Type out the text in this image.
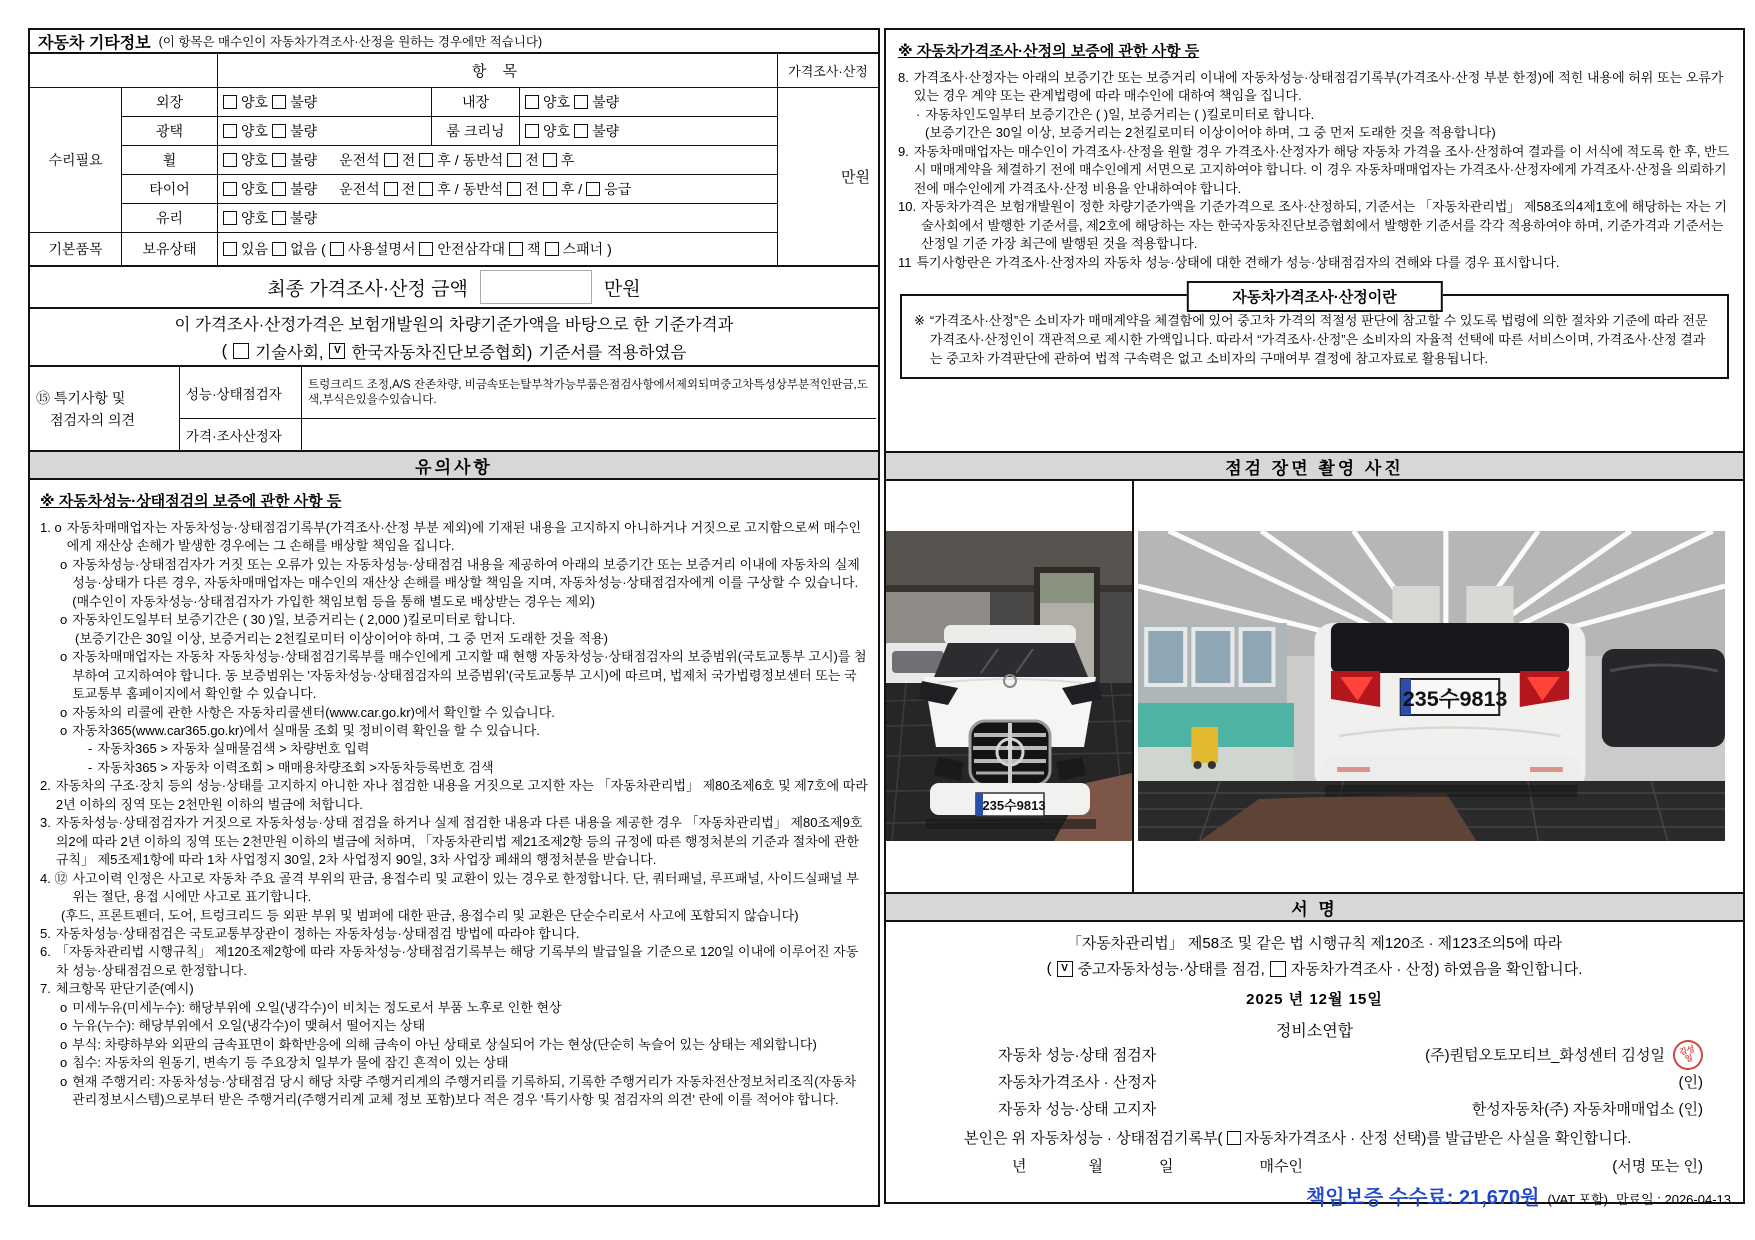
자동차 기타정보 (이 항목은 매수인이 자동차가격조사·산정을 원하는 경우에만 적습니다)
항 목	가격조사·산정
수리필요
외장	양호 불량	내장	양호 불량
광택	양호 불량	룸 크리닝	양호 불량
휠	양호 불량 운전석 전 후 / 동반석 전 후
타이어	양호 불량 운전석 전 후 / 동반석 전 후 / 응급
유리	양호 불량
기본품목	보유상태	있음 없음 ( 사용설명서 안전삼각대 잭 스패너 )
만원
최종 가격조사·산정 금액	만원
이 가격조사·산정가격은 보험개발원의 차량기준가액을 바탕으로 한 기준가격과
( 기술사회,	V 한국자동차진단보증협회) 기준서를 적용하였음
⑮ 특기사항 및
점검자의 의견
성능·상태점검자
트렁크리드 조정,A/S 잔존차량, 비금속또는탈부착가능부품은점검사항에서제외되며중고차특성상부분적인판금,도색,부식은있을수있습니다.
가격·조사산정자
유의사항
※ 자동차성능·상태점검의 보증에 관한 사항 등
1. o 자동차매매업자는 자동차성능·상태점검기록부(가격조사·산정 부분 제외)에 기재된 내용을 고지하지 아니하거나 거짓으로 고지함으로써 매수인에게 재산상 손해가 발생한 경우에는 그 손해를 배상할 책임을 집니다.
o 자동차성능·상태점검자가 거짓 또는 오류가 있는 자동차성능·상태점검 내용을 제공하여 아래의 보증기간 또는 보증거리 이내에 자동차의 실제 성능·상태가 다른 경우, 자동차매매업자는 매수인의 재산상 손해를 배상할 책임을 지며, 자동차성능·상태점검자에게 이를 구상할 수 있습니다.(매수인이 자동차성능·상태점검자가 가입한 책임보험 등을 통해 별도로 배상받는 경우는 제외)
o 자동차인도일부터 보증기간은 ( 30 )일, 보증거리는 ( 2,000 )킬로미터로 합니다.
(보증기간은 30일 이상, 보증거리는 2천킬로미터 이상이어야 하며, 그 중 먼저 도래한 것을 적용)
o 자동차매매업자는 자동차 자동차성능·상태점검기록부를 매수인에게 고지할 때 현행 자동차성능·상태점검자의 보증범위(국토교통부 고시)를 첨부하여 고지하여야 합니다. 동 보증범위는 '자동차성능·상태점검자의 보증범위'(국토교통부 고시)에 따르며, 법제처 국가법령정보센터 또는 국토교통부 홈페이지에서 확인할 수 있습니다.
o 자동차의 리콜에 관한 사항은 자동차리콜센터(www.car.go.kr)에서 확인할 수 있습니다.
o 자동차365(www.car365.go.kr)에서 실매물 조회 및 정비이력 확인을 할 수 있습니다.
- 자동차365 > 자동차 실매물검색 > 차량번호 입력
- 자동차365 > 자동차 이력조회 > 매매용차량조회 >자동차등록번호 검색
2. 자동차의 구조·장치 등의 성능·상태를 고지하지 아니한 자나 점검한 내용을 거짓으로 고지한 자는 「자동차관리법」 제80조제6호 및 제7호에 따라 2년 이하의 징역 또는 2천만원 이하의 벌금에 처합니다.
3. 자동차성능·상태점검자가 거짓으로 자동차성능·상태 점검을 하거나 실제 점검한 내용과 다른 내용을 제공한 경우 「자동차관리법」 제80조제9호의2에 따라 2년 이하의 징역 또는 2천만원 이하의 벌금에 처하며, 「자동차관리법 제21조제2항 등의 규정에 따른 행정처분의 기준과 절차에 관한 규칙」 제5조제1항에 따라 1차 사업정지 30일, 2차 사업정지 90일, 3차 사업장 폐쇄의 행정처분을 받습니다.
4. ⑫ 사고이력 인정은 사고로 자동차 주요 골격 부위의 판금, 용접수리 및 교환이 있는 경우로 한정합니다. 단, 쿼터패널, 루프패널, 사이드실패널 부위는 절단, 용접 시에만 사고로 표기합니다.
(후드, 프론트펜더, 도어, 트렁크리드 등 외판 부위 및 범퍼에 대한 판금, 용접수리 및 교환은 단순수리로서 사고에 포함되지 않습니다)
5. 자동차성능·상태점검은 국토교통부장관이 정하는 자동차성능·상태점검 방법에 따라야 합니다.
6. 「자동차관리법 시행규칙」 제120조제2항에 따라 자동차성능·상태점검기록부는 해당 기록부의 발급일을 기준으로 120일 이내에 이루어진 자동차 성능·상태점검으로 한정합니다.
7. 체크항목 판단기준(예시)
o 미세누유(미세누수): 해당부위에 오일(냉각수)이 비치는 정도로서 부품 노후로 인한 현상
o 누유(누수): 해당부위에서 오일(냉각수)이 맺혀서 떨어지는 상태
o 부식: 차량하부와 외판의 금속표면이 화학반응에 의해 금속이 아닌 상태로 상실되어 가는 현상(단순히 녹슬어 있는 상태는 제외합니다)
o 침수: 자동차의 원동기, 변속기 등 주요장치 일부가 물에 잠긴 흔적이 있는 상태
o 현재 주행거리: 자동차성능·상태점검 당시 해당 차량 주행거리계의 주행거리를 기록하되, 기록한 주행거리가 자동차전산정보처리조직(자동차관리정보시스템)으로부터 받은 주행거리(주행거리계 교체 정보 포함)보다 적은 경우 '특기사항 및 점검자의 의견' 란에 이를 적어야 합니다.
※ 자동차가격조사·산정의 보증에 관한 사항 등
8. 가격조사·산정자는 아래의 보증기간 또는 보증거리 이내에 자동차성능·상태점검기록부(가격조사·산정 부분 한정)에 적힌 내용에 허위 또는 오류가 있는 경우 계약 또는 관계법령에 따라 매수인에 대하여 책임을 집니다.
· 자동차인도일부터 보증기간은 ( )일, 보증거리는 ( )킬로미터로 합니다.
(보증기간은 30일 이상, 보증거리는 2천킬로미터 이상이어야 하며, 그 중 먼저 도래한 것을 적용합니다)
9. 자동차매매업자는 매수인이 가격조사·산정을 원할 경우 가격조사·산정자가 해당 자동차 가격을 조사·산정하여 결과를 이 서식에 적도록 한 후, 반드시 매매계약을 체결하기 전에 매수인에게 서면으로 고지하여야 합니다. 이 경우 자동차매매업자는 가격조사·산정자에게 가격조사·산정을 의뢰하기 전에 매수인에게 가격조사·산정 비용을 안내하여야 합니다.
10. 자동차가격은 보험개발원이 정한 차량기준가액을 기준가격으로 조사·산정하되, 기준서는 「자동차관리법」 제58조의4제1호에 해당하는 자는 기술사회에서 발행한 기준서를, 제2호에 해당하는 자는 한국자동차진단보증협회에서 발행한 기준서를 각각 적용하여야 하며, 기준가격과 기준서는 산정일 기준 가장 최근에 발행된 것을 적용합니다.
11 특기사항란은 가격조사·산정자의 자동차 성능·상태에 대한 견해가 성능·상태점검자의 견해와 다를 경우 표시합니다.
자동차가격조사·산정이란
※ “가격조사·산정”은 소비자가 매매계약을 체결함에 있어 중고차 가격의 적절성 판단에 참고할 수 있도록 법령에 의한 절차와 기준에 따라 전문 가격조사·산정인이 객관적으로 제시한 가액입니다. 따라서 “가격조사·산정”은 소비자의 자율적 선택에 따른 서비스이며, 가격조사·산정 결과는 중고차 가격판단에 관하여 법적 구속력은 없고 소비자의 구매여부 결정에 참고자료로 활용됩니다.
점검 장면 촬영 사진
235수9813
235수9813
서 명
「자동차관리법」 제58조 및 같은 법 시행규칙 제120조 · 제123조의5에 따라
( V 중고자동차성능·상태를 점검, 자동차가격조사 · 산정) 하였음을 확인합니다.
2025 년 12월 15일
정비소연합
자동차 성능·상태 점검자	(주)퀀텀오토모티브_화성센터 김성일	김성일
자동차가격조사 · 산정자	(인)
자동차 성능·상태 고지자	한성자동차(주) 자동차매매업소 (인)
본인은 위 자동차성능 · 상태점검기록부( 자동차가격조사 · 산정 선택)를 발급받은 사실을 확인합니다.
년	월	일	매수인	(서명 또는 인)
책임보증 수수료: 21,670원 (VAT 포함) 만료일 : 2026-04-13
